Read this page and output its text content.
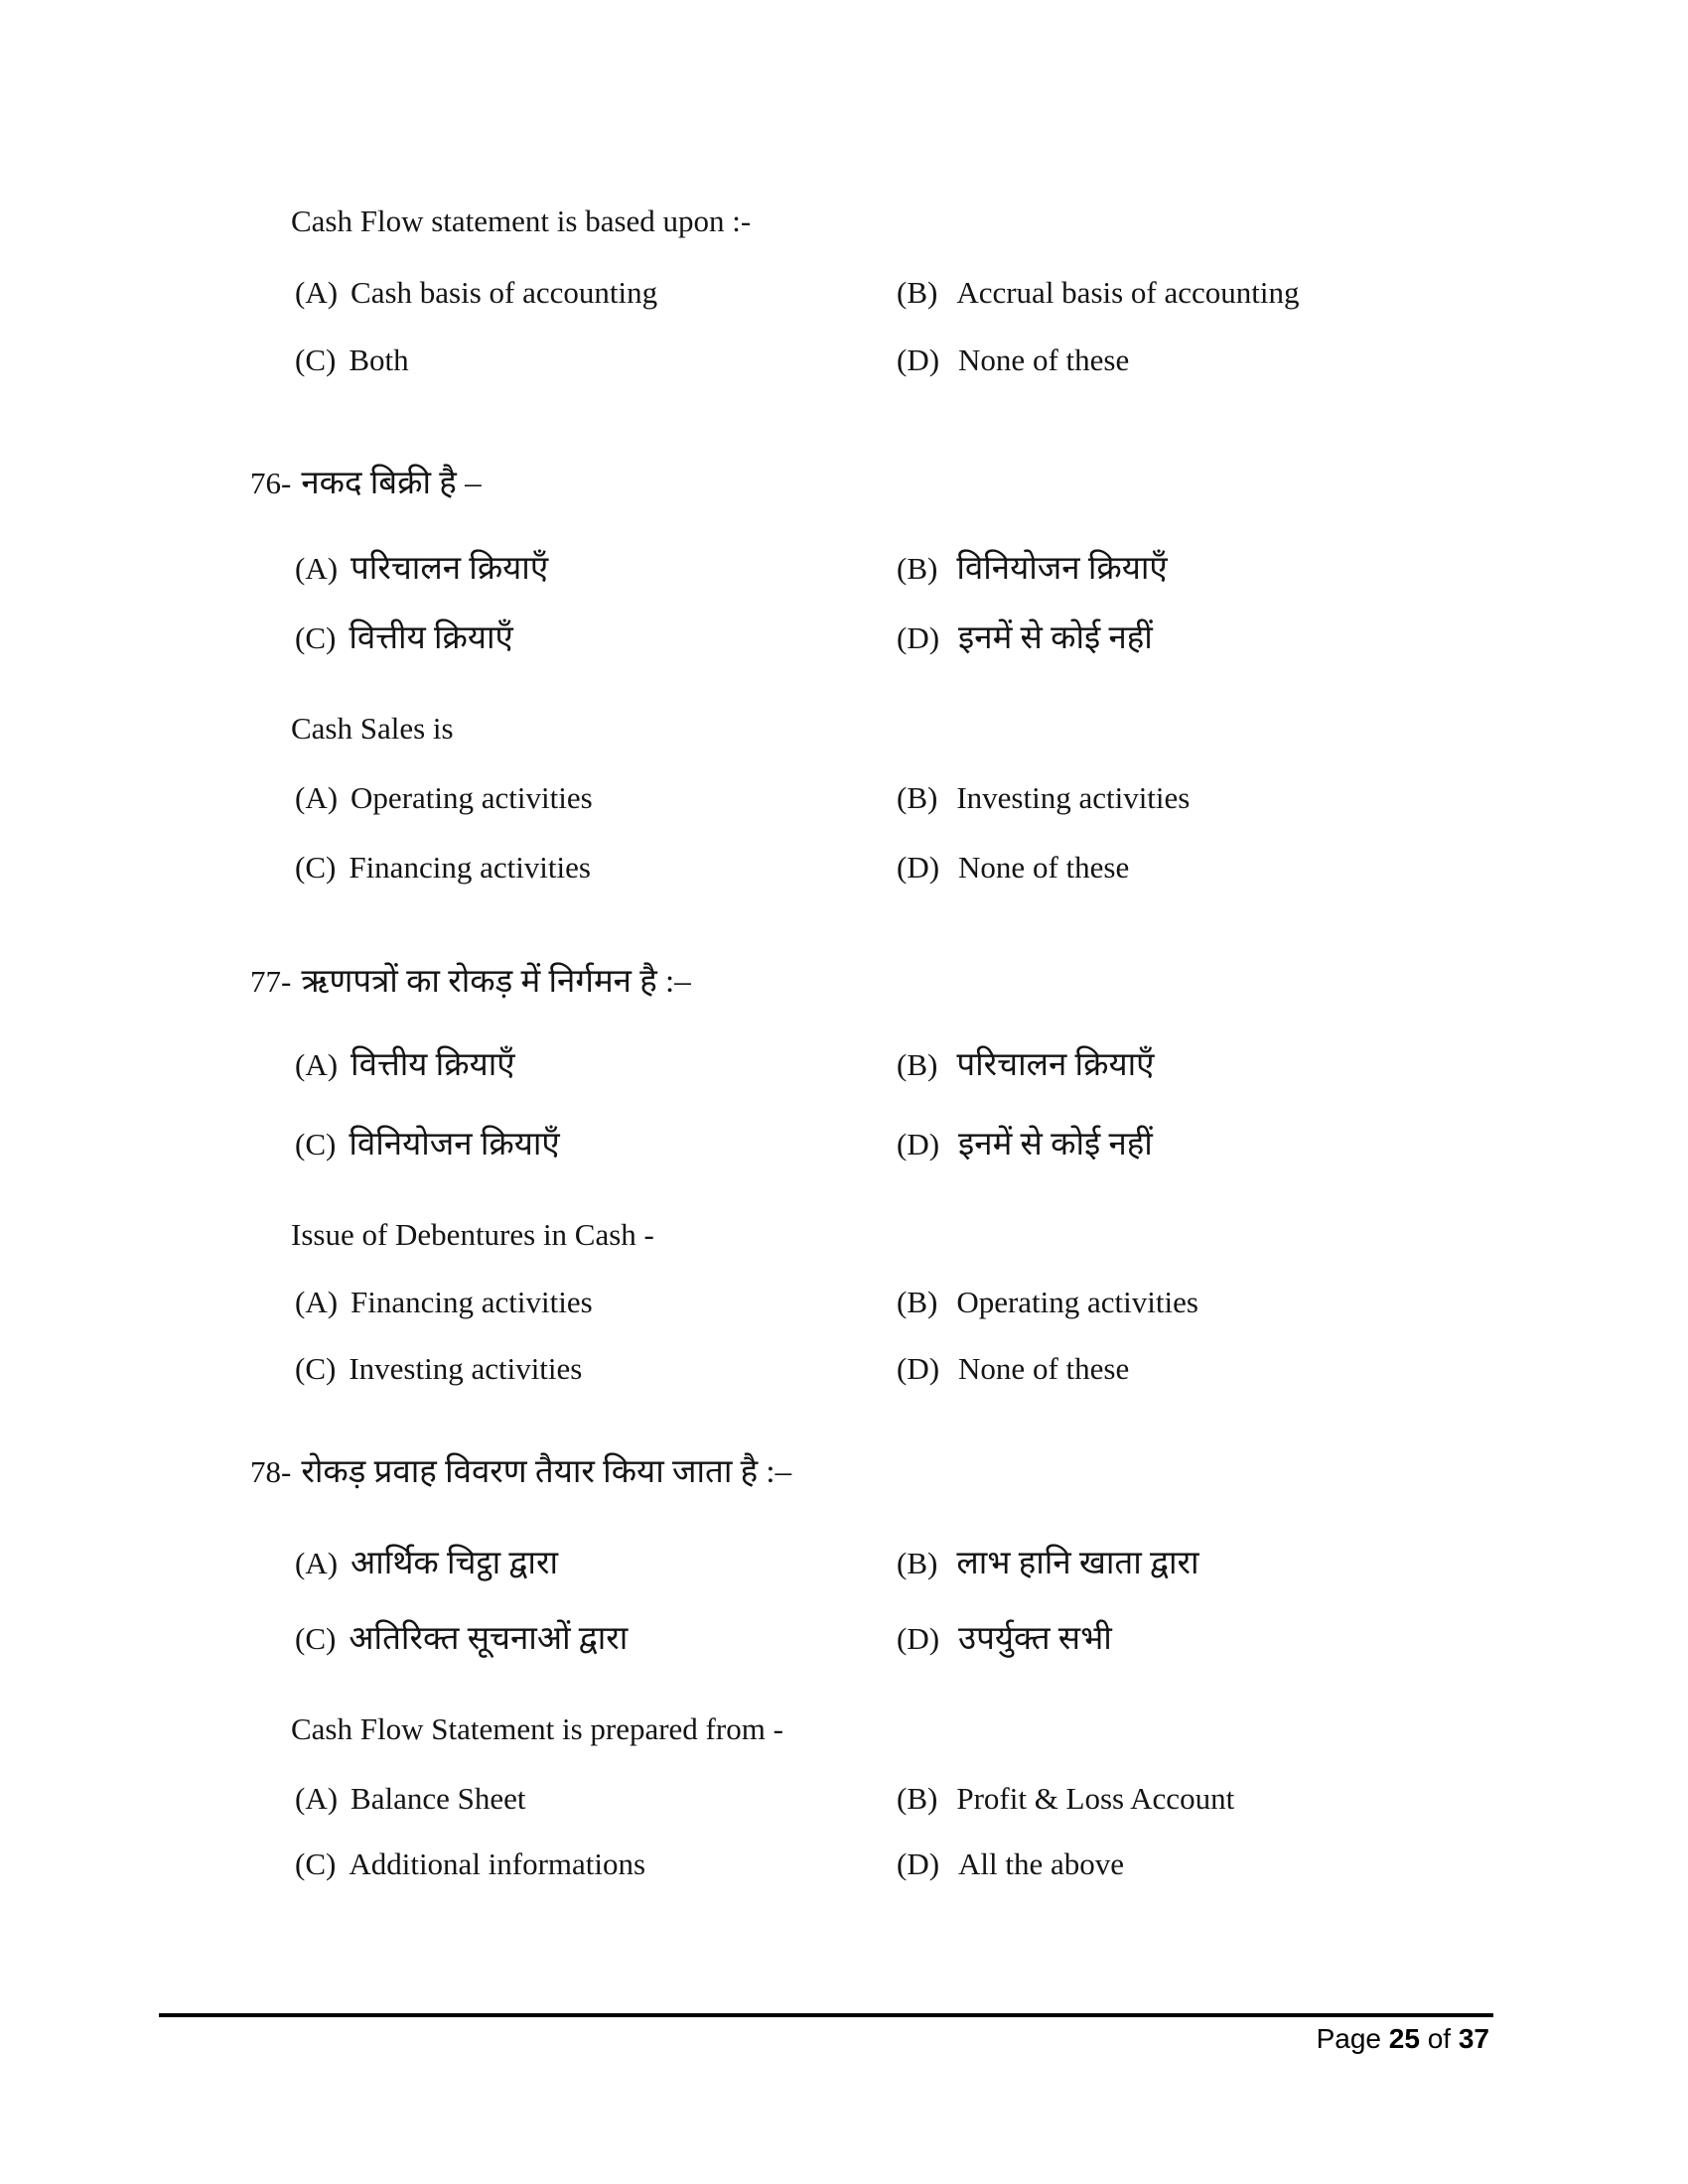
Cash Flow statement is based upon :-
(A) Cash basis of accounting	(B) Accrual basis of accounting
(C) Both	(D) None of these
76- नकद बिक्री है –
(A) परिचालन क्रियाएँ	(B) विनियोजन क्रियाएँ
(C) वित्तीय क्रियाएँ	(D) इनमें से कोई नहीं
Cash Sales is
(A) Operating activities	(B) Investing activities
(C) Financing activities	(D) None of these
77- ऋणपत्रों का रोकड़ में निर्गमन है :–
(A) वित्तीय क्रियाएँ	(B) परिचालन क्रियाएँ
(C) विनियोजन क्रियाएँ	(D) इनमें से कोई नहीं
Issue of Debentures in Cash -
(A) Financing activities	(B) Operating activities
(C) Investing activities	(D) None of these
78- रोकड़ प्रवाह विवरण तैयार किया जाता है :–
(A) आर्थिक चिट्ठा द्वारा	(B) लाभ हानि खाता द्वारा
(C) अतिरिक्त सूचनाओं द्वारा	(D) उपर्युक्त सभी
Cash Flow Statement is prepared from -
(A) Balance Sheet	(B) Profit & Loss Account
(C) Additional informations	(D) All the above
Page 25 of 37
